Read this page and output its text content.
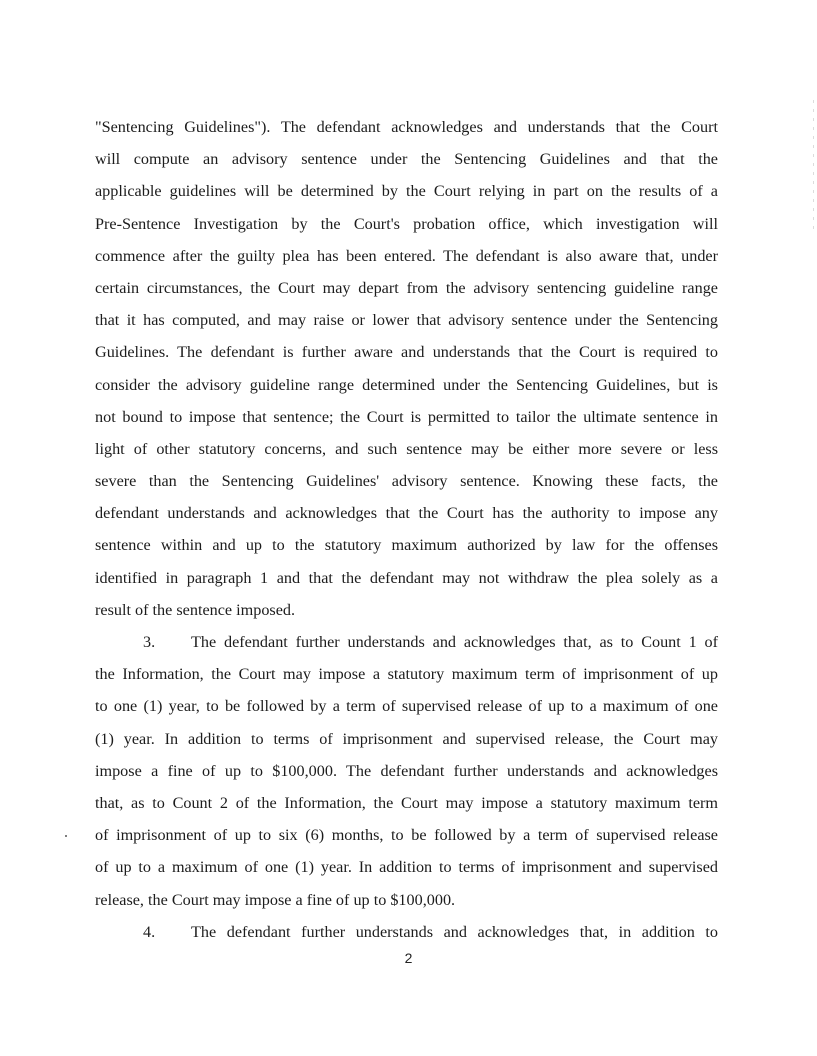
"Sentencing Guidelines"). The defendant acknowledges and understands that the Court
will compute an advisory sentence under the Sentencing Guidelines and that the
applicable guidelines will be determined by the Court relying in part on the results of a
Pre-Sentence Investigation by the Court's probation office, which investigation will
commence after the guilty plea has been entered. The defendant is also aware that, under
certain circumstances, the Court may depart from the advisory sentencing guideline range
that it has computed, and may raise or lower that advisory sentence under the Sentencing
Guidelines. The defendant is further aware and understands that the Court is required to
consider the advisory guideline range determined under the Sentencing Guidelines, but is
not bound to impose that sentence; the Court is permitted to tailor the ultimate sentence in
light of other statutory concerns, and such sentence may be either more severe or less
severe than the Sentencing Guidelines' advisory sentence. Knowing these facts, the
defendant understands and acknowledges that the Court has the authority to impose any
sentence within and up to the statutory maximum authorized by law for the offenses
identified in paragraph 1 and that the defendant may not withdraw the plea solely as a
result of the sentence imposed.
3.	The defendant further understands and acknowledges that, as to Count 1 of
the Information, the Court may impose a statutory maximum term of imprisonment of up
to one (1) year, to be followed by a term of supervised release of up to a maximum of one
(1) year. In addition to terms of imprisonment and supervised release, the Court may
impose a fine of up to $100,000. The defendant further understands and acknowledges
that, as to Count 2 of the Information, the Court may impose a statutory maximum term
of imprisonment of up to six (6) months, to be followed by a term of supervised release
of up to a maximum of one (1) year. In addition to terms of imprisonment and supervised
release, the Court may impose a fine of up to $100,000.
4.	The defendant further understands and acknowledges that, in addition to
2
